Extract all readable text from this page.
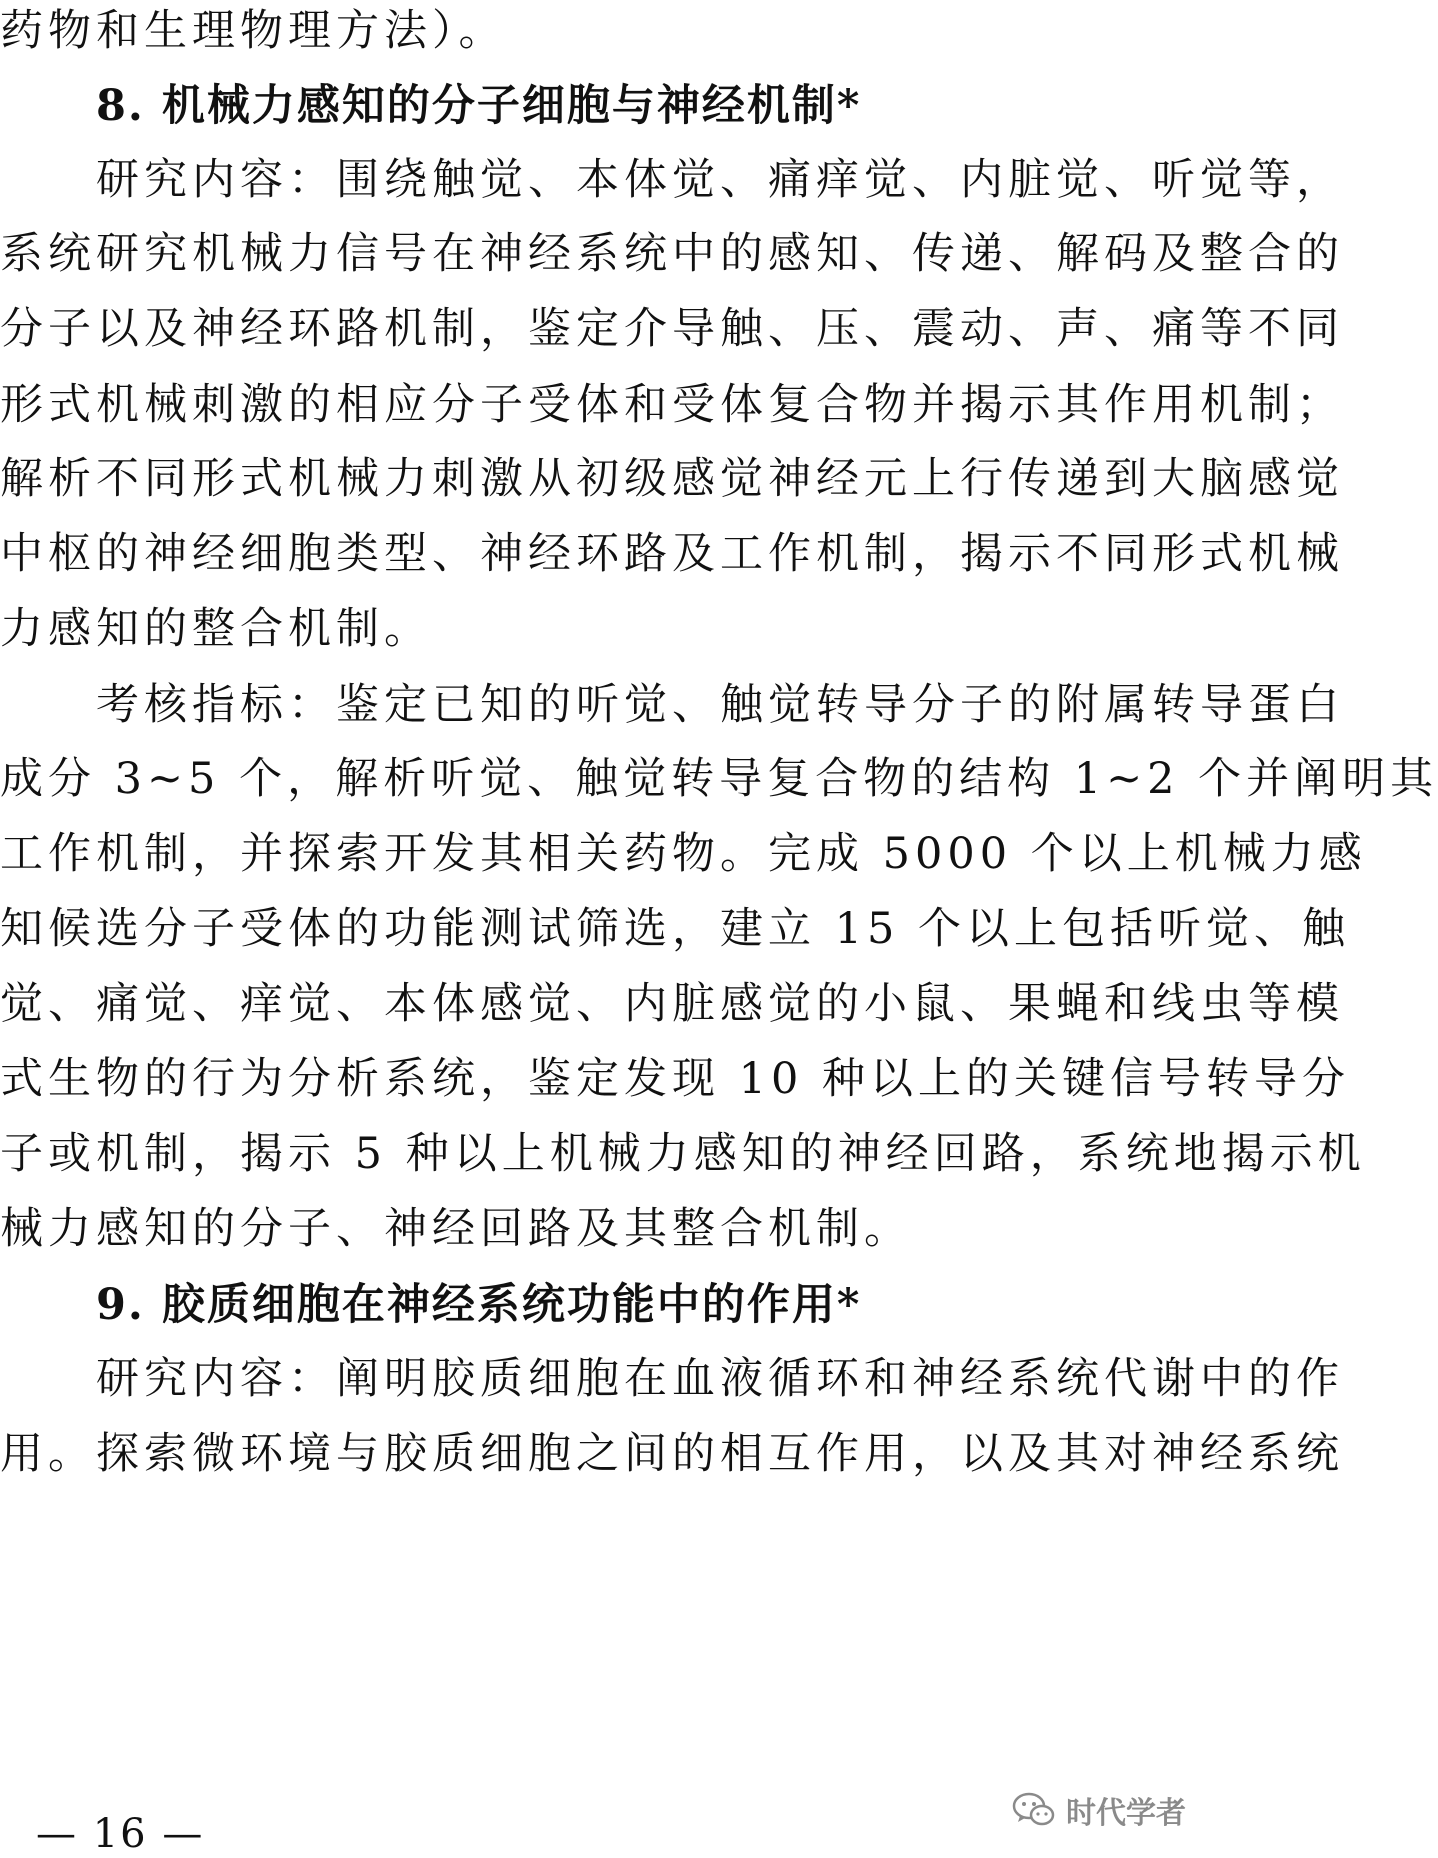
药物和生理物理方法）。
8. 机械力感知的分子细胞与神经机制*
研究内容：围绕触觉、本体觉、痛痒觉、内脏觉、听觉等，
系统研究机械力信号在神经系统中的感知、传递、解码及整合的
分子以及神经环路机制，鉴定介导触、压、震动、声、痛等不同
形式机械刺激的相应分子受体和受体复合物并揭示其作用机制；
解析不同形式机械力刺激从初级感觉神经元上行传递到大脑感觉
中枢的神经细胞类型、神经环路及工作机制，揭示不同形式机械
力感知的整合机制。
考核指标：鉴定已知的听觉、触觉转导分子的附属转导蛋白
成分 3~5 个，解析听觉、触觉转导复合物的结构 1~2 个并阐明其
工作机制，并探索开发其相关药物。完成 5000 个以上机械力感
知候选分子受体的功能测试筛选，建立 15 个以上包括听觉、触
觉、痛觉、痒觉、本体感觉、内脏感觉的小鼠、果蝇和线虫等模
式生物的行为分析系统，鉴定发现 10 种以上的关键信号转导分
子或机制，揭示 5 种以上机械力感知的神经回路，系统地揭示机
械力感知的分子、神经回路及其整合机制。
9. 胶质细胞在神经系统功能中的作用*
研究内容：阐明胶质细胞在血液循环和神经系统代谢中的作
用。探索微环境与胶质细胞之间的相互作用，以及其对神经系统
— 16 —	时代学者
